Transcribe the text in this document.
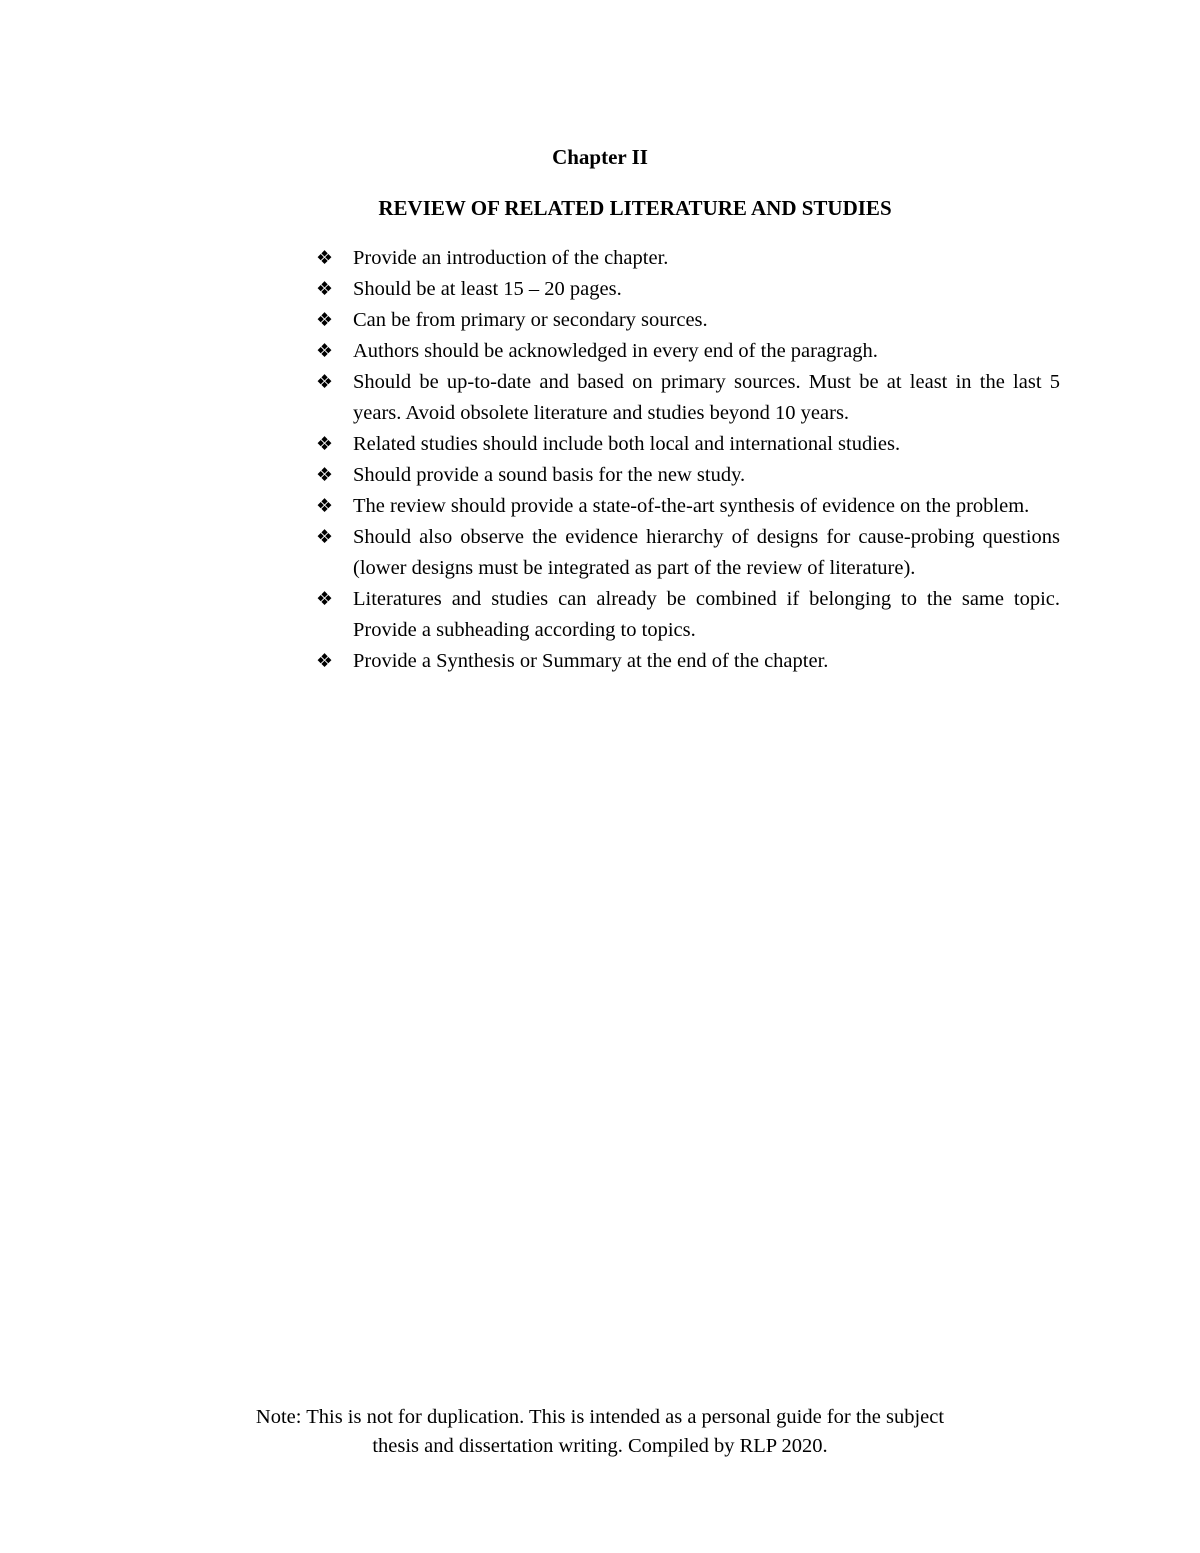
Chapter II
REVIEW OF RELATED LITERATURE AND STUDIES
❖ Provide an introduction of the chapter.
❖ Should be at least 15 – 20 pages.
❖ Can be from primary or secondary sources.
❖ Authors should be acknowledged in every end of the paragragh.
❖ Should be up-to-date and based on primary sources. Must be at least in the last 5 years. Avoid obsolete literature and studies beyond 10 years.
❖ Related studies should include both local and international studies.
❖ Should provide a sound basis for the new study.
❖ The review should provide a state-of-the-art synthesis of evidence on the problem.
❖ Should also observe the evidence hierarchy of designs for cause-probing questions (lower designs must be integrated as part of the review of literature).
❖ Literatures and studies can already be combined if belonging to the same topic. Provide a subheading according to topics.
❖ Provide a Synthesis or Summary at the end of the chapter.

Note: This is not for duplication. This is intended as a personal guide for the subject
thesis and dissertation writing. Compiled by RLP 2020.
